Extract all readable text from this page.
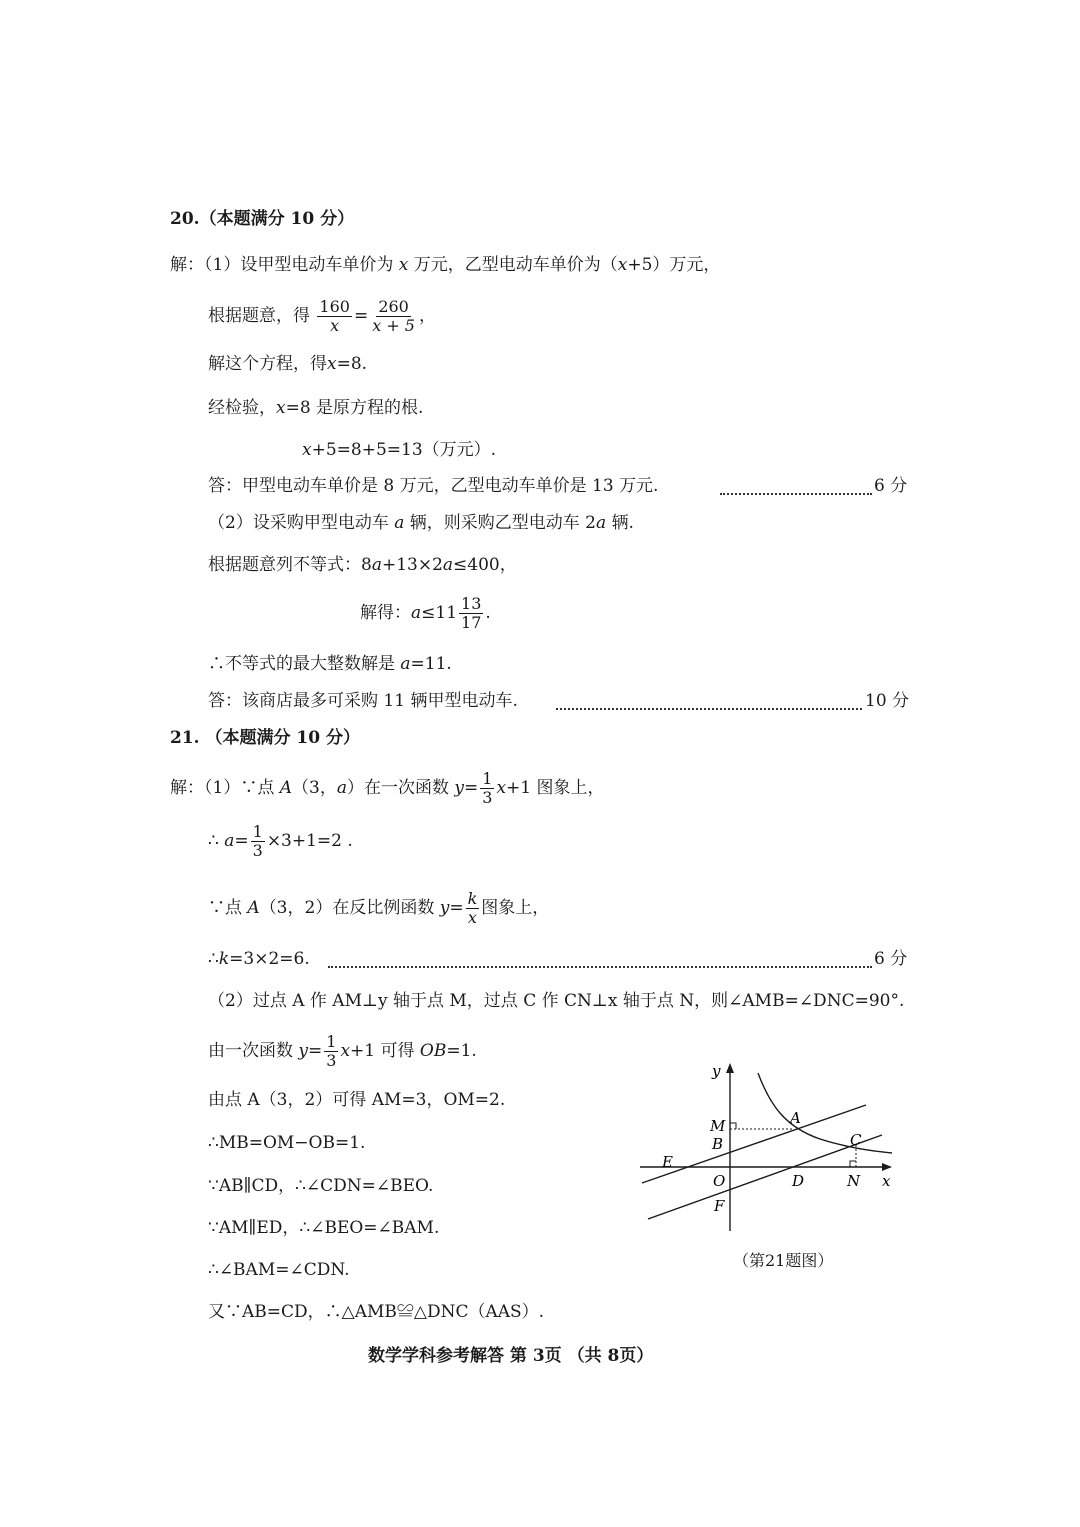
20.（本题满分 10 分）
解：（1）设甲型电动车单价为 x 万元，乙型电动车单价为（x+5）万元，
根据题意，得 $\frac{160}{x} = \frac{260}{x + 5}$ ，
解这个方程，得x=8.
经检验，x=8 是原方程的根.
x+5=8+5=13（万元）.
答：甲型电动车单价是 8 万元，乙型电动车单价是 13 万元.	6 分
（2）设采购甲型电动车 a 辆，则采购乙型电动车 2a 辆.
根据题意列不等式：8a+13×2a≤400，
解得：$a\le 11 \frac{13}{17}$ .
∴不等式的最大整数解是 a=11.
答：该商店最多可采购 11 辆甲型电动车.	10 分
21. （本题满分 10 分）
解：（1）∵点 A（3，a）在一次函数 $y= \frac{1}{3} x+1$ 图象上，
∴ $a= \frac{1}{3} \times 3+1=2$ .
∵点 A（3，2）在反比例函数 $y= \frac{k}{x}$ 图象上，
∴k=3×2=6.	6 分
（2）过点 A 作 AM⊥y 轴于点 M，过点 C 作 CN⊥x 轴于点 N，则∠AMB=∠DNC=90°.
由一次函数 $y= \frac{1}{3} x+1$ 可得 OB=1.
由点 A（3，2）可得 AM=3，OM=2.
∴MB=OM−OB=1.
∵AB∥CD，∴∠CDN=∠BEO.
∵AM∥ED，∴∠BEO=∠BAM.
∴∠BAM=∠CDN.
又∵AB=CD，∴△AMB≌△DNC（AAS）.
y
x
M	A
B	C
E
O	D	N
F
（第21题图）
数学学科参考解答 第 3页 （共 8页）
